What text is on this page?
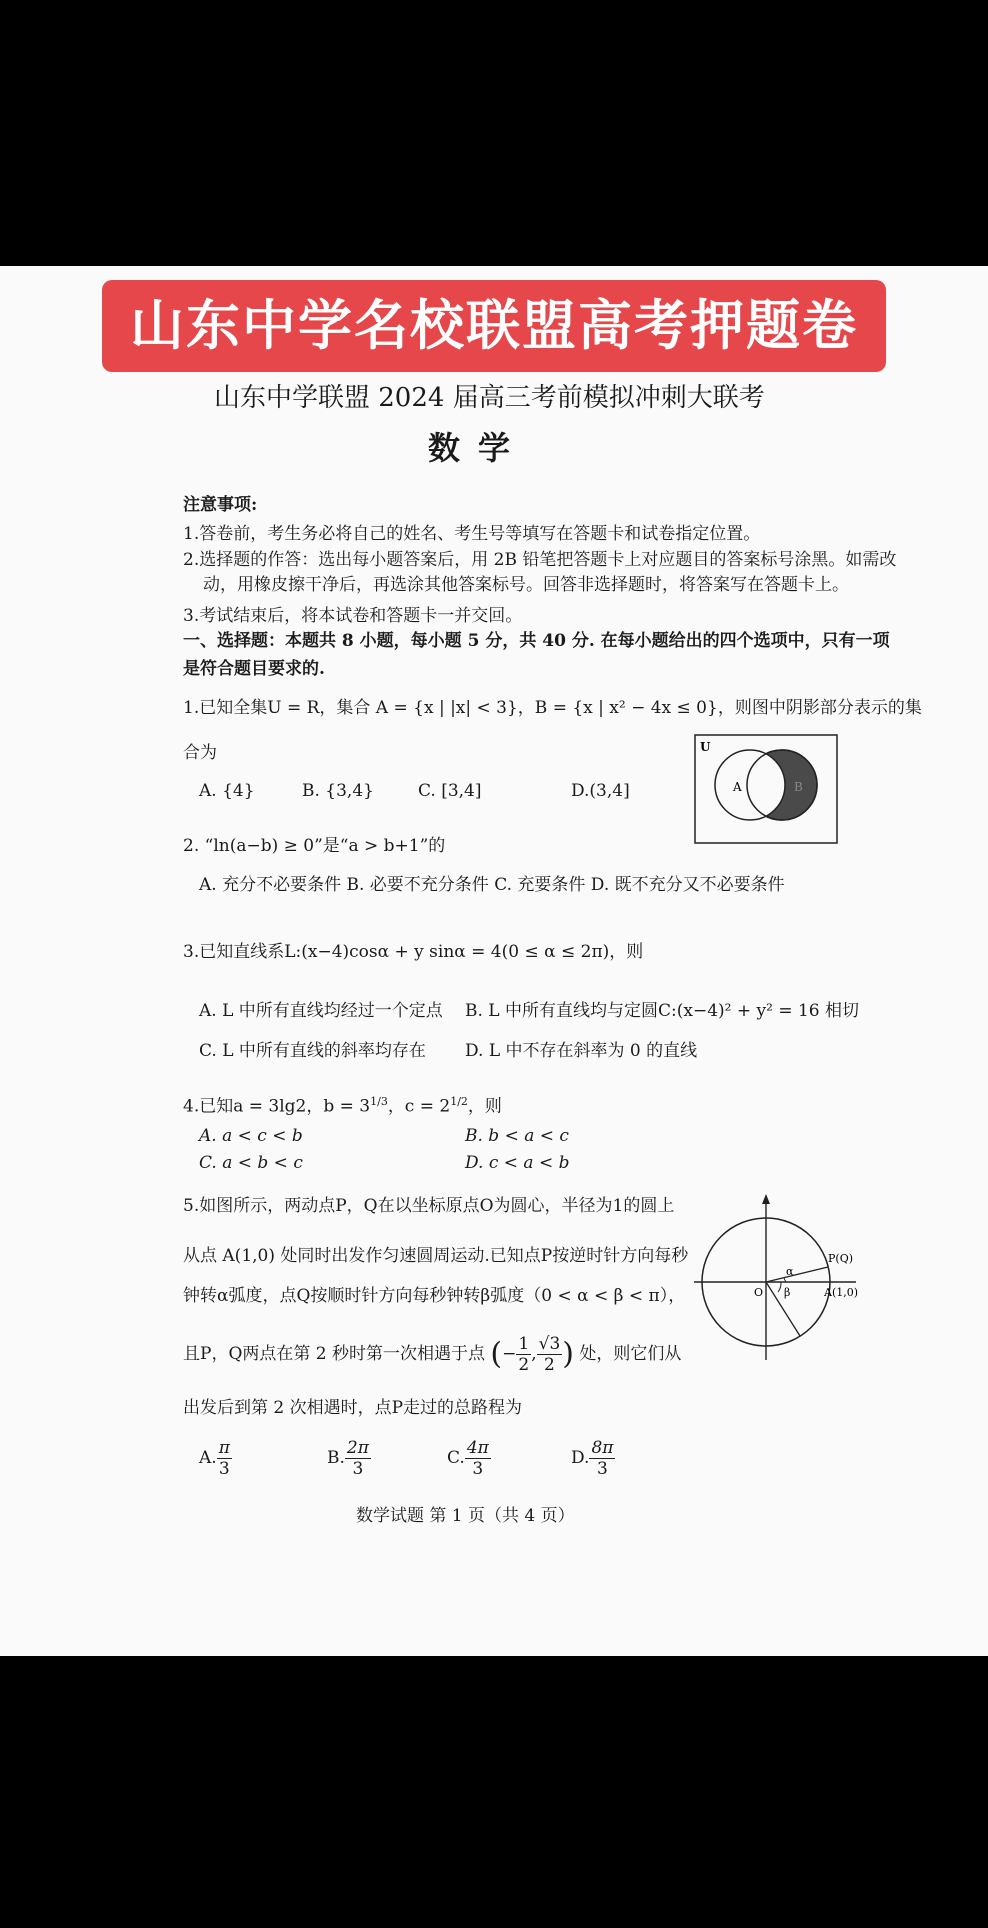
山东中学名校联盟高考押题卷
山东中学联盟 2024 届高三考前模拟冲刺大联考
数学
注意事项:
1.答卷前，考生务必将自己的姓名、考生号等填写在答题卡和试卷指定位置。
2.选择题的作答：选出每小题答案后，用 2B 铅笔把答题卡上对应题目的答案标号涂黑。如需改
动，用橡皮擦干净后，再选涂其他答案标号。回答非选择题时，将答案写在答题卡上。
3.考试结束后，将本试卷和答题卡一并交回。
一、选择题：本题共 8 小题，每小题 5 分，共 40 分. 在每小题给出的四个选项中，只有一项
是符合题目要求的.
1.已知全集U = R，集合 A = {x | |x| < 3}，B = {x | x² − 4x ≤ 0}，则图中阴影部分表示的集
合为
A. {4}	B. {3,4}	C. [3,4]	D.(3,4]
U
A	B
2. “ln(a−b) ≥ 0”是“a > b+1”的
A. 充分不必要条件 B. 必要不充分条件 C. 充要条件 D. 既不充分又不必要条件
3.已知直线系L:(x−4)cosα + y sinα = 4(0 ≤ α ≤ 2π)，则
A. L 中所有直线均经过一个定点 B. L 中所有直线均与定圆C:(x−4)² + y² = 16 相切
C. L 中所有直线的斜率均存在 D. L 中不存在斜率为 0 的直线
4.已知a = 3lg2，$b = 3^{1/3}$，$c = 2^{1/2}$，则
A. a < c < b	B. b < a < c
C. a < b < c	D. c < a < b
5.如图所示，两动点P，Q在以坐标原点O为圆心，半径为1的圆上
从点 A(1,0) 处同时出发作匀速圆周运动.已知点P按逆时针方向每秒
钟转α弧度，点Q按顺时针方向每秒钟转β弧度（0 < α < β < π），
且P，Q两点在第 2 秒时第一次相遇于点 (− $\frac{1}{2}$ , $\frac{√3}{2}$ ) 处，则它们从
出发后到第 2 次相遇时，点P走过的总路程为
A. $\frac{\pi}{3}$	B. $\frac{2\pi}{3}$	C. $\frac{4\pi}{3}$	D. $\frac{8\pi}{3}$
P(Q)
O
α
β	A(1,0)
数学试题 第 1 页（共 4 页）
